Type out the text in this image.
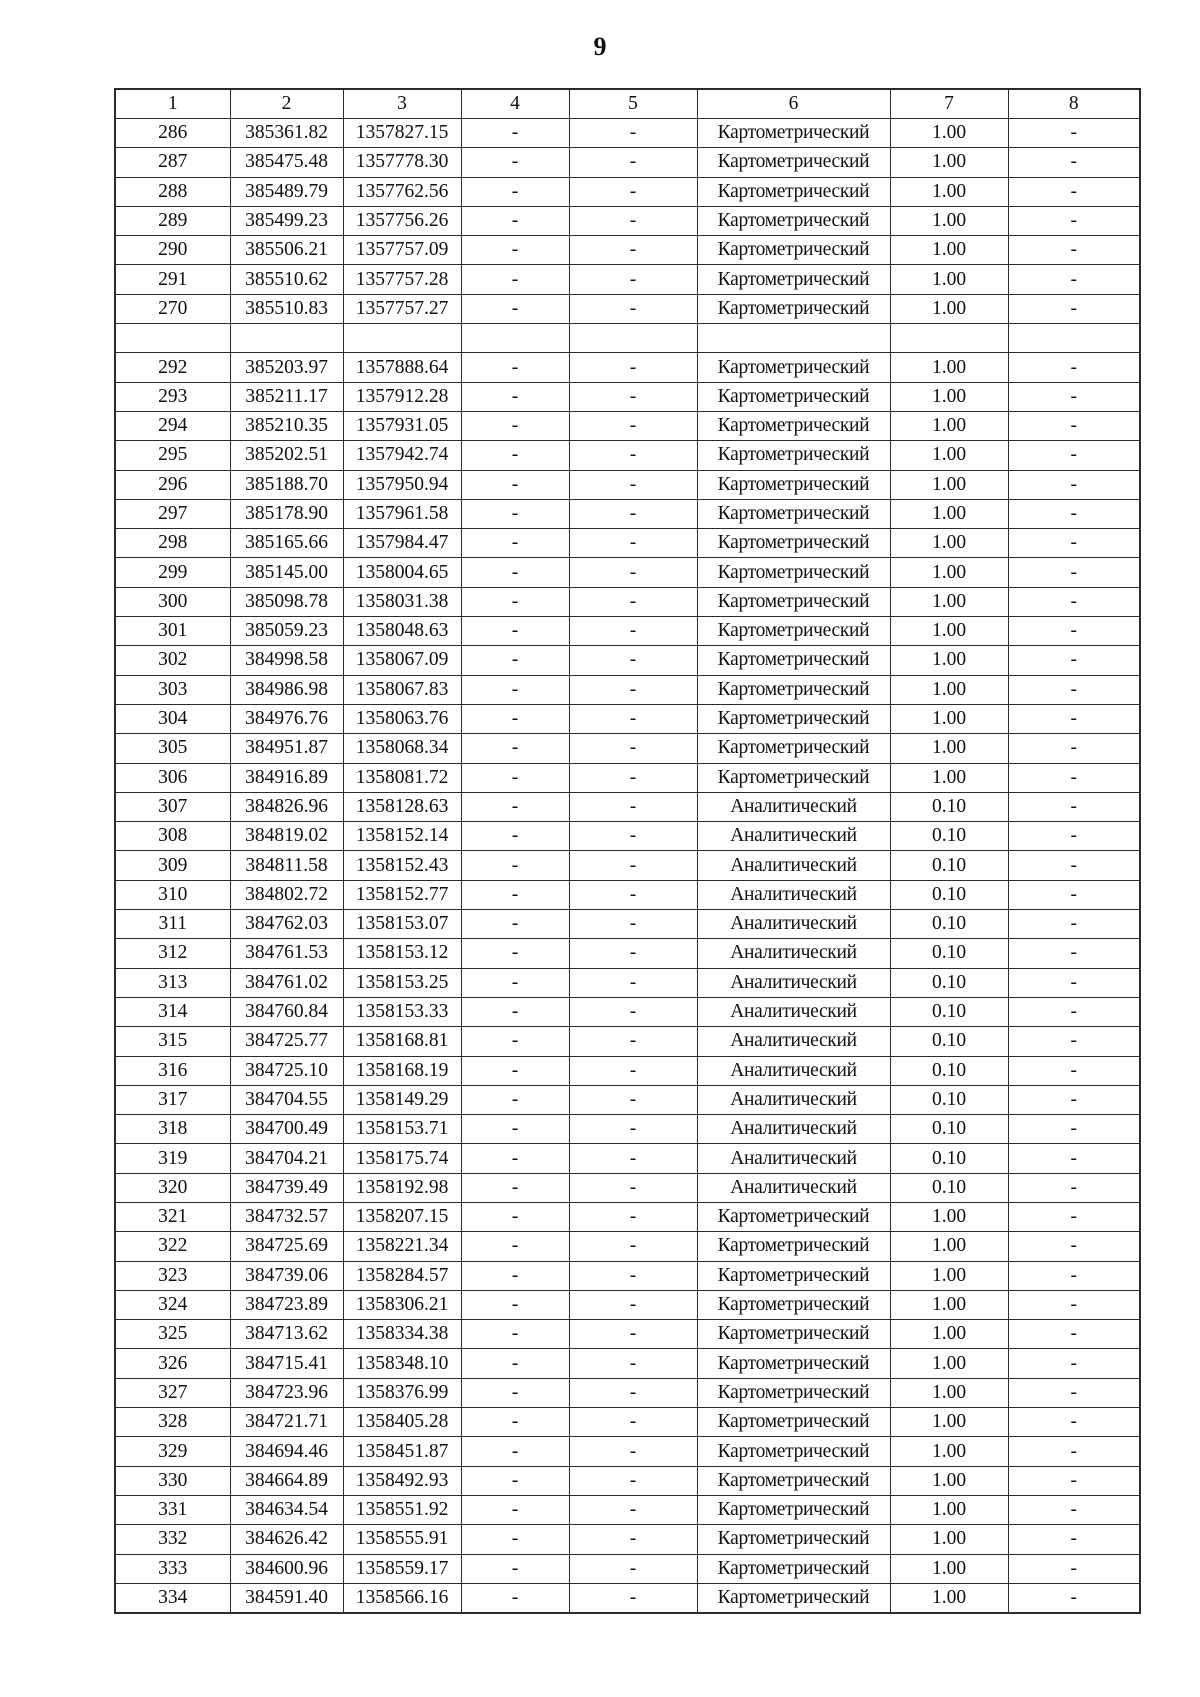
9
1	2	3	4	5	6	7	8
286	385361.82	1357827.15	-	-	Картометрический	1.00	-
287	385475.48	1357778.30	-	-	Картометрический	1.00	-
288	385489.79	1357762.56	-	-	Картометрический	1.00	-
289	385499.23	1357756.26	-	-	Картометрический	1.00	-
290	385506.21	1357757.09	-	-	Картометрический	1.00	-
291	385510.62	1357757.28	-	-	Картометрический	1.00	-
270	385510.83	1357757.27	-	-	Картометрический	1.00	-

292	385203.97	1357888.64	-	-	Картометрический	1.00	-
293	385211.17	1357912.28	-	-	Картометрический	1.00	-
294	385210.35	1357931.05	-	-	Картометрический	1.00	-
295	385202.51	1357942.74	-	-	Картометрический	1.00	-
296	385188.70	1357950.94	-	-	Картометрический	1.00	-
297	385178.90	1357961.58	-	-	Картометрический	1.00	-
298	385165.66	1357984.47	-	-	Картометрический	1.00	-
299	385145.00	1358004.65	-	-	Картометрический	1.00	-
300	385098.78	1358031.38	-	-	Картометрический	1.00	-
301	385059.23	1358048.63	-	-	Картометрический	1.00	-
302	384998.58	1358067.09	-	-	Картометрический	1.00	-
303	384986.98	1358067.83	-	-	Картометрический	1.00	-
304	384976.76	1358063.76	-	-	Картометрический	1.00	-
305	384951.87	1358068.34	-	-	Картометрический	1.00	-
306	384916.89	1358081.72	-	-	Картометрический	1.00	-
307	384826.96	1358128.63	-	-	Аналитический	0.10	-
308	384819.02	1358152.14	-	-	Аналитический	0.10	-
309	384811.58	1358152.43	-	-	Аналитический	0.10	-
310	384802.72	1358152.77	-	-	Аналитический	0.10	-
311	384762.03	1358153.07	-	-	Аналитический	0.10	-
312	384761.53	1358153.12	-	-	Аналитический	0.10	-
313	384761.02	1358153.25	-	-	Аналитический	0.10	-
314	384760.84	1358153.33	-	-	Аналитический	0.10	-
315	384725.77	1358168.81	-	-	Аналитический	0.10	-
316	384725.10	1358168.19	-	-	Аналитический	0.10	-
317	384704.55	1358149.29	-	-	Аналитический	0.10	-
318	384700.49	1358153.71	-	-	Аналитический	0.10	-
319	384704.21	1358175.74	-	-	Аналитический	0.10	-
320	384739.49	1358192.98	-	-	Аналитический	0.10	-
321	384732.57	1358207.15	-	-	Картометрический	1.00	-
322	384725.69	1358221.34	-	-	Картометрический	1.00	-
323	384739.06	1358284.57	-	-	Картометрический	1.00	-
324	384723.89	1358306.21	-	-	Картометрический	1.00	-
325	384713.62	1358334.38	-	-	Картометрический	1.00	-
326	384715.41	1358348.10	-	-	Картометрический	1.00	-
327	384723.96	1358376.99	-	-	Картометрический	1.00	-
328	384721.71	1358405.28	-	-	Картометрический	1.00	-
329	384694.46	1358451.87	-	-	Картометрический	1.00	-
330	384664.89	1358492.93	-	-	Картометрический	1.00	-
331	384634.54	1358551.92	-	-	Картометрический	1.00	-
332	384626.42	1358555.91	-	-	Картометрический	1.00	-
333	384600.96	1358559.17	-	-	Картометрический	1.00	-
334	384591.40	1358566.16	-	-	Картометрический	1.00	-
